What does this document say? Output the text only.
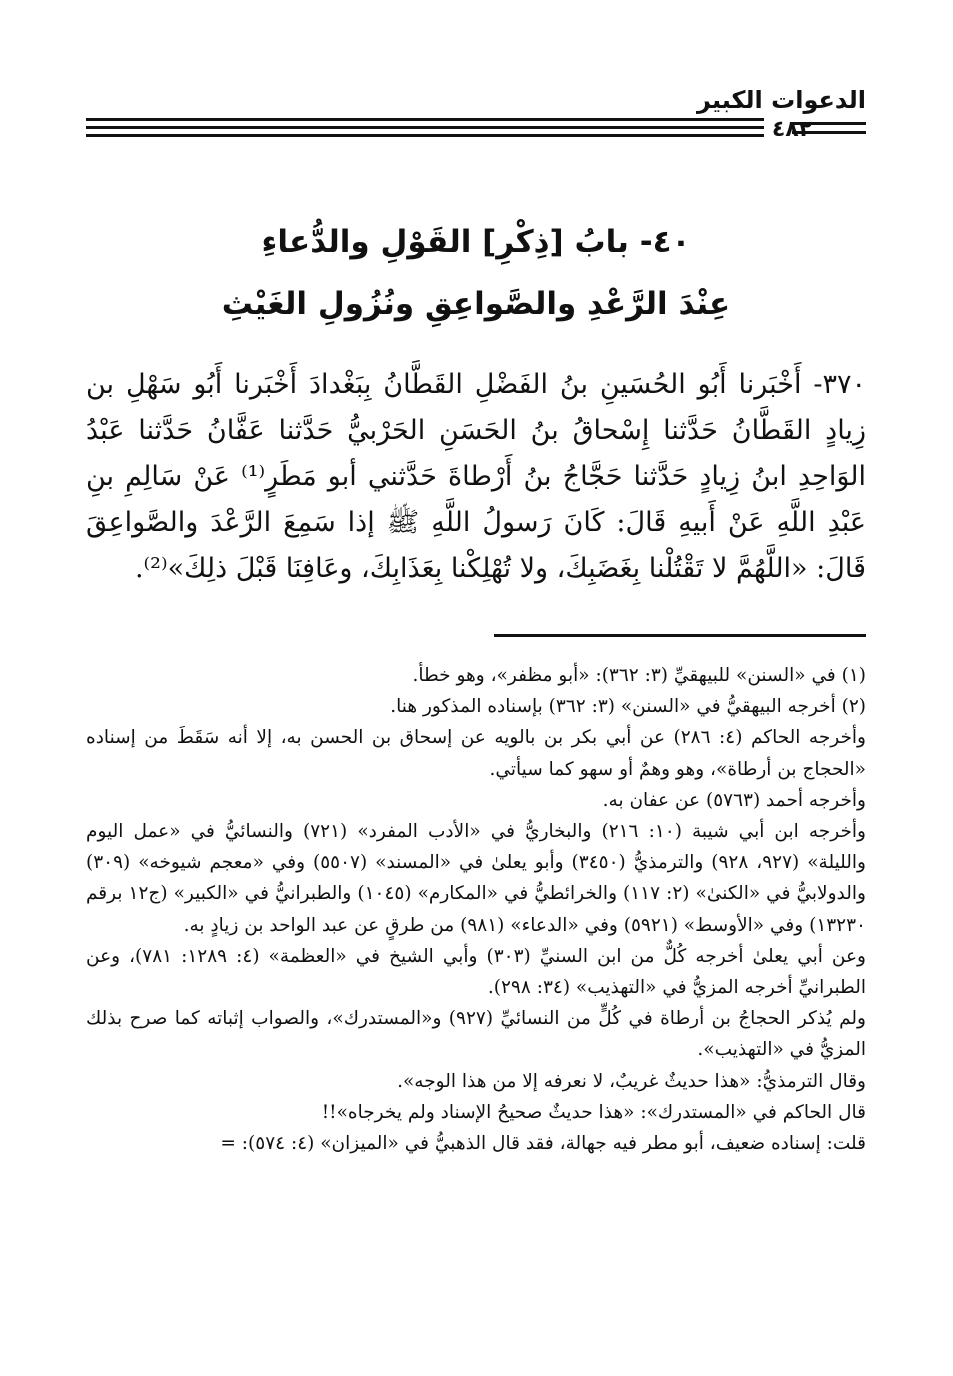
الدعوات الكبير
٤٨٢
٤٠- بابُ [ذِكْرِ] القَوْلِ والدُّعاءِ
عِنْدَ الرَّعْدِ والصَّواعِقِ ونُزُولِ الغَيْثِ
٣٧٠- أَخْبَرنا أَبُو الحُسَينِ بنُ الفَضْلِ القَطَّانُ بِبَغْدادَ أَخْبَرنا أَبُو سَهْلِ بن زِيادٍ القَطَّانُ حَدَّثنا إِسْحاقُ بنُ الحَسَنِ الحَرْبيُّ حَدَّثنا عَفَّانُ حَدَّثنا عَبْدُ الوَاحِدِ ابنُ زِيادٍ حَدَّثنا حَجَّاجُ بنُ أَرْطاةَ حَدَّثني أبو مَطَرٍ⁽¹⁾ عَنْ سَالِمِ بنِ عَبْدِ اللَّهِ عَنْ أَبيهِ قَالَ: كَانَ رَسولُ اللَّهِ ﷺ إذا سَمِعَ الرَّعْدَ والصَّواعِقَ قَالَ: «اللَّهُمَّ لا تَقْتُلْنا بِغَضَبِكَ، ولا تُهْلِكْنا بِعَذَابِكَ، وعَافِنَا قَبْلَ ذلِكَ»⁽²⁾.

(١) في «السنن» للبيهقيِّ (٣: ٣٦٢): «أبو مظفر»، وهو خطأ.

(٢) أخرجه البيهقيُّ في «السنن» (٣: ٣٦٢) بإسناده المذكور هنا.

وأخرجه الحاكم (٤: ٢٨٦) عن أبي بكر بن بالويه عن إسحاق بن الحسن به، إلا أنه سَقَطَ من إسناده «الحجاج بن أرطاة»، وهو وهمٌ أو سهو كما سيأتي.

وأخرجه أحمد (٥٧٦٣) عن عفان به.

وأخرجه ابن أبي شيبة (١٠: ٢١٦) والبخاريُّ في «الأدب المفرد» (٧٢١) والنسائيُّ في «عمل اليوم والليلة» (٩٢٧، ٩٢٨) والترمذيُّ (٣٤٥٠) وأبو يعلىٰ في «المسند» (٥٥٠٧) وفي «معجم شيوخه» (٣٠٩) والدولابيُّ في «الكنىٰ» (٢: ١١٧) والخرائطيُّ في «المكارم» (١٠٤٥) والطبرانيُّ في «الكبير» (ج١٢ برقم ١٣٢٣٠) وفي «الأوسط» (٥٩٢١) وفي «الدعاء» (٩٨١) من طرقٍ عن عبد الواحد بن زيادٍ به.

وعن أبي يعلىٰ أخرجه كُلٌّ من ابن السنيِّ (٣٠٣) وأبي الشيخ في «العظمة» (٤: ١٢٨٩: ٧٨١)، وعن الطبرانيِّ أخرجه المزيُّ في «التهذيب» (٣٤: ٢٩٨).

ولم يُذكر الحجاجُ بن أرطاة في كُلٍّ من النسائيِّ (٩٢٧) و«المستدرك»، والصواب إثباته كما صرح بذلك المزيُّ في «التهذيب».

وقال الترمذيُّ: «هذا حديثٌ غريبٌ، لا نعرفه إلا من هذا الوجه».

قال الحاكم في «المستدرك»: «هذا حديثٌ صحيحُ الإسناد ولم يخرجاه»!!

قلت: إسناده ضعيف، أبو مطر فيه جهالة، فقد قال الذهبيُّ في «الميزان» (٤: ٥٧٤): =
